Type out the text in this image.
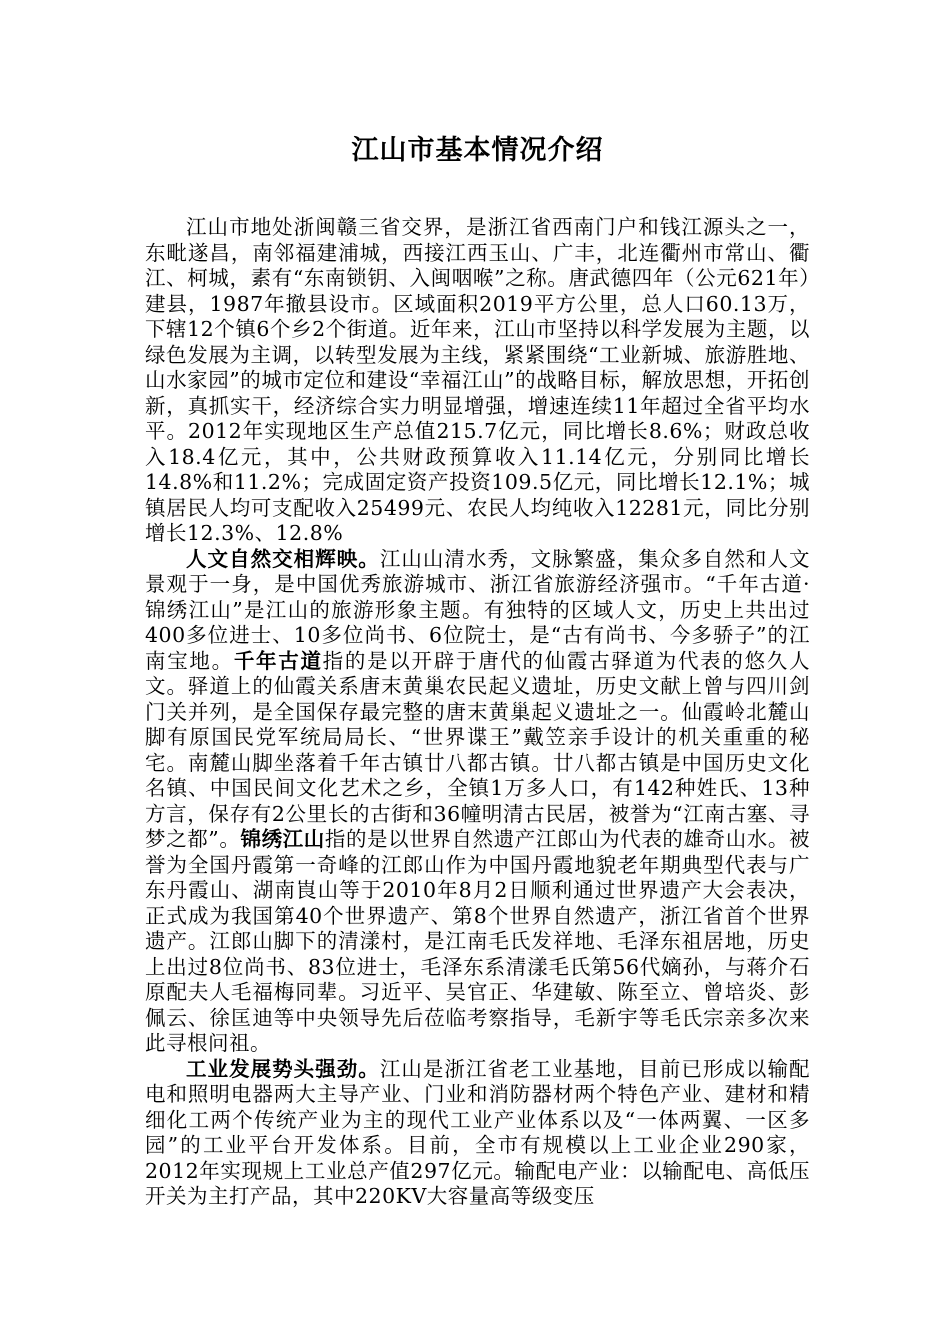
江山市基本情况介绍

江山市地处浙闽赣三省交界，是浙江省西南门户和钱江源头之一，东毗遂昌，南邻福建浦城，西接江西玉山、广丰，北连衢州市常山、衢江、柯城，素有“东南锁钥、入闽咽喉”之称。唐武德四年（公元621年）建县，1987年撤县设市。区域面积2019平方公里，总人口60.13万，下辖12个镇6个乡2个街道。近年来，江山市坚持以科学发展为主题，以绿色发展为主调，以转型发展为主线，紧紧围绕“工业新城、旅游胜地、山水家园”的城市定位和建设“幸福江山”的战略目标，解放思想，开拓创新，真抓实干，经济综合实力明显增强，增速连续11年超过全省平均水平。2012年实现地区生产总值215.7亿元，同比增长8.6%；财政总收入18.4亿元，其中，公共财政预算收入11.14亿元，分别同比增长14.8%和11.2%；完成固定资产投资109.5亿元，同比增长12.1%；城镇居民人均可支配收入25499元、农民人均纯收入12281元，同比分别增长12.3%、12.8%

人文自然交相辉映。江山山清水秀，文脉繁盛，集众多自然和人文景观于一身，是中国优秀旅游城市、浙江省旅游经济强市。“千年古道·锦绣江山”是江山的旅游形象主题。有独特的区域人文，历史上共出过400多位进士、10多位尚书、6位院士，是“古有尚书、今多骄子”的江南宝地。千年古道指的是以开辟于唐代的仙霞古驿道为代表的悠久人文。驿道上的仙霞关系唐末黄巢农民起义遗址，历史文献上曾与四川剑门关并列，是全国保存最完整的唐末黄巢起义遗址之一。仙霞岭北麓山脚有原国民党军统局局长、“世界谍王”戴笠亲手设计的机关重重的秘宅。南麓山脚坐落着千年古镇廿八都古镇。廿八都古镇是中国历史文化名镇、中国民间文化艺术之乡，全镇1万多人口，有142种姓氏、13种方言，保存有2公里长的古街和36幢明清古民居，被誉为“江南古塞、寻梦之都”。锦绣江山指的是以世界自然遗产江郎山为代表的雄奇山水。被誉为全国丹霞第一奇峰的江郎山作为中国丹霞地貌老年期典型代表与广东丹霞山、湖南崀山等于2010年8月2日顺利通过世界遗产大会表决，正式成为我国第40个世界遗产、第8个世界自然遗产，浙江省首个世界遗产。江郎山脚下的清漾村，是江南毛氏发祥地、毛泽东祖居地，历史上出过8位尚书、83位进士，毛泽东系清漾毛氏第56代嫡孙，与蒋介石原配夫人毛福梅同辈。习近平、吴官正、华建敏、陈至立、曾培炎、彭佩云、徐匡迪等中央领导先后莅临考察指导，毛新宇等毛氏宗亲多次来此寻根问祖。

工业发展势头强劲。江山是浙江省老工业基地，目前已形成以输配电和照明电器两大主导产业、门业和消防器材两个特色产业、建材和精细化工两个传统产业为主的现代工业产业体系以及“一体两翼、一区多园”的工业平台开发体系。目前，全市有规模以上工业企业290家， 2012年实现规上工业总产值297亿元。输配电产业：以输配电、高低压开关为主打产品，其中220KV大容量高等级变压
